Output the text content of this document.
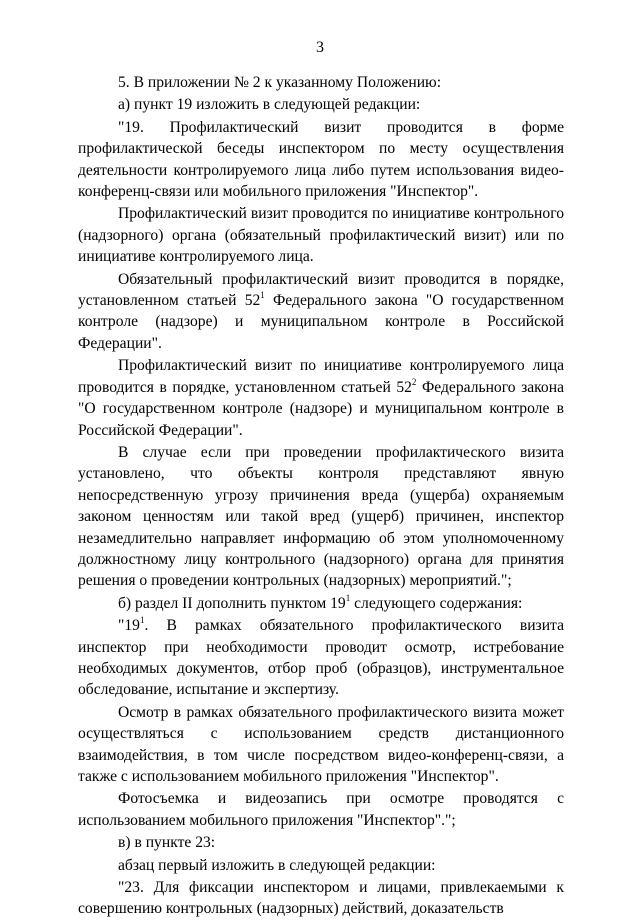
3

5. В приложении № 2 к указанному Положению:

а) пункт 19 изложить в следующей редакции:

"19. Профилактический визит проводится в форме профилактической беседы инспектором по месту осуществления деятельности контролируемого лица либо путем использования видео-конференц-связи или мобильного приложения "Инспектор".

Профилактический визит проводится по инициативе контрольного (надзорного) органа (обязательный профилактический визит) или по инициативе контролируемого лица.

Обязательный профилактический визит проводится в порядке, установленном статьей $52^1$ Федерального закона "О государственном контроле (надзоре) и муниципальном контроле в Российской Федерации".

Профилактический визит по инициативе контролируемого лица проводится в порядке, установленном статьей $52^2$ Федерального закона "О государственном контроле (надзоре) и муниципальном контроле в Российской Федерации".

В случае если при проведении профилактического визита установлено, что объекты контроля представляют явную непосредственную угрозу причинения вреда (ущерба) охраняемым законом ценностям или такой вред (ущерб) причинен, инспектор незамедлительно направляет информацию об этом уполномоченному должностному лицу контрольного (надзорного) органа для принятия решения о проведении контрольных (надзорных) мероприятий.";

б) раздел II дополнить пунктом $19^1$ следующего содержания:

"$19^1$. В рамках обязательного профилактического визита инспектор при необходимости проводит осмотр, истребование необходимых документов, отбор проб (образцов), инструментальное обследование, испытание и экспертизу.

Осмотр в рамках обязательного профилактического визита может осуществляться с использованием средств дистанционного взаимодействия, в том числе посредством видео-конференц-связи, а также с использованием мобильного приложения "Инспектор".

Фотосъемка и видеозапись при осмотре проводятся с использованием мобильного приложения "Инспектор".";

в) в пункте 23:

абзац первый изложить в следующей редакции:

"23. Для фиксации инспектором и лицами, привлекаемыми к совершению контрольных (надзорных) действий, доказательств
